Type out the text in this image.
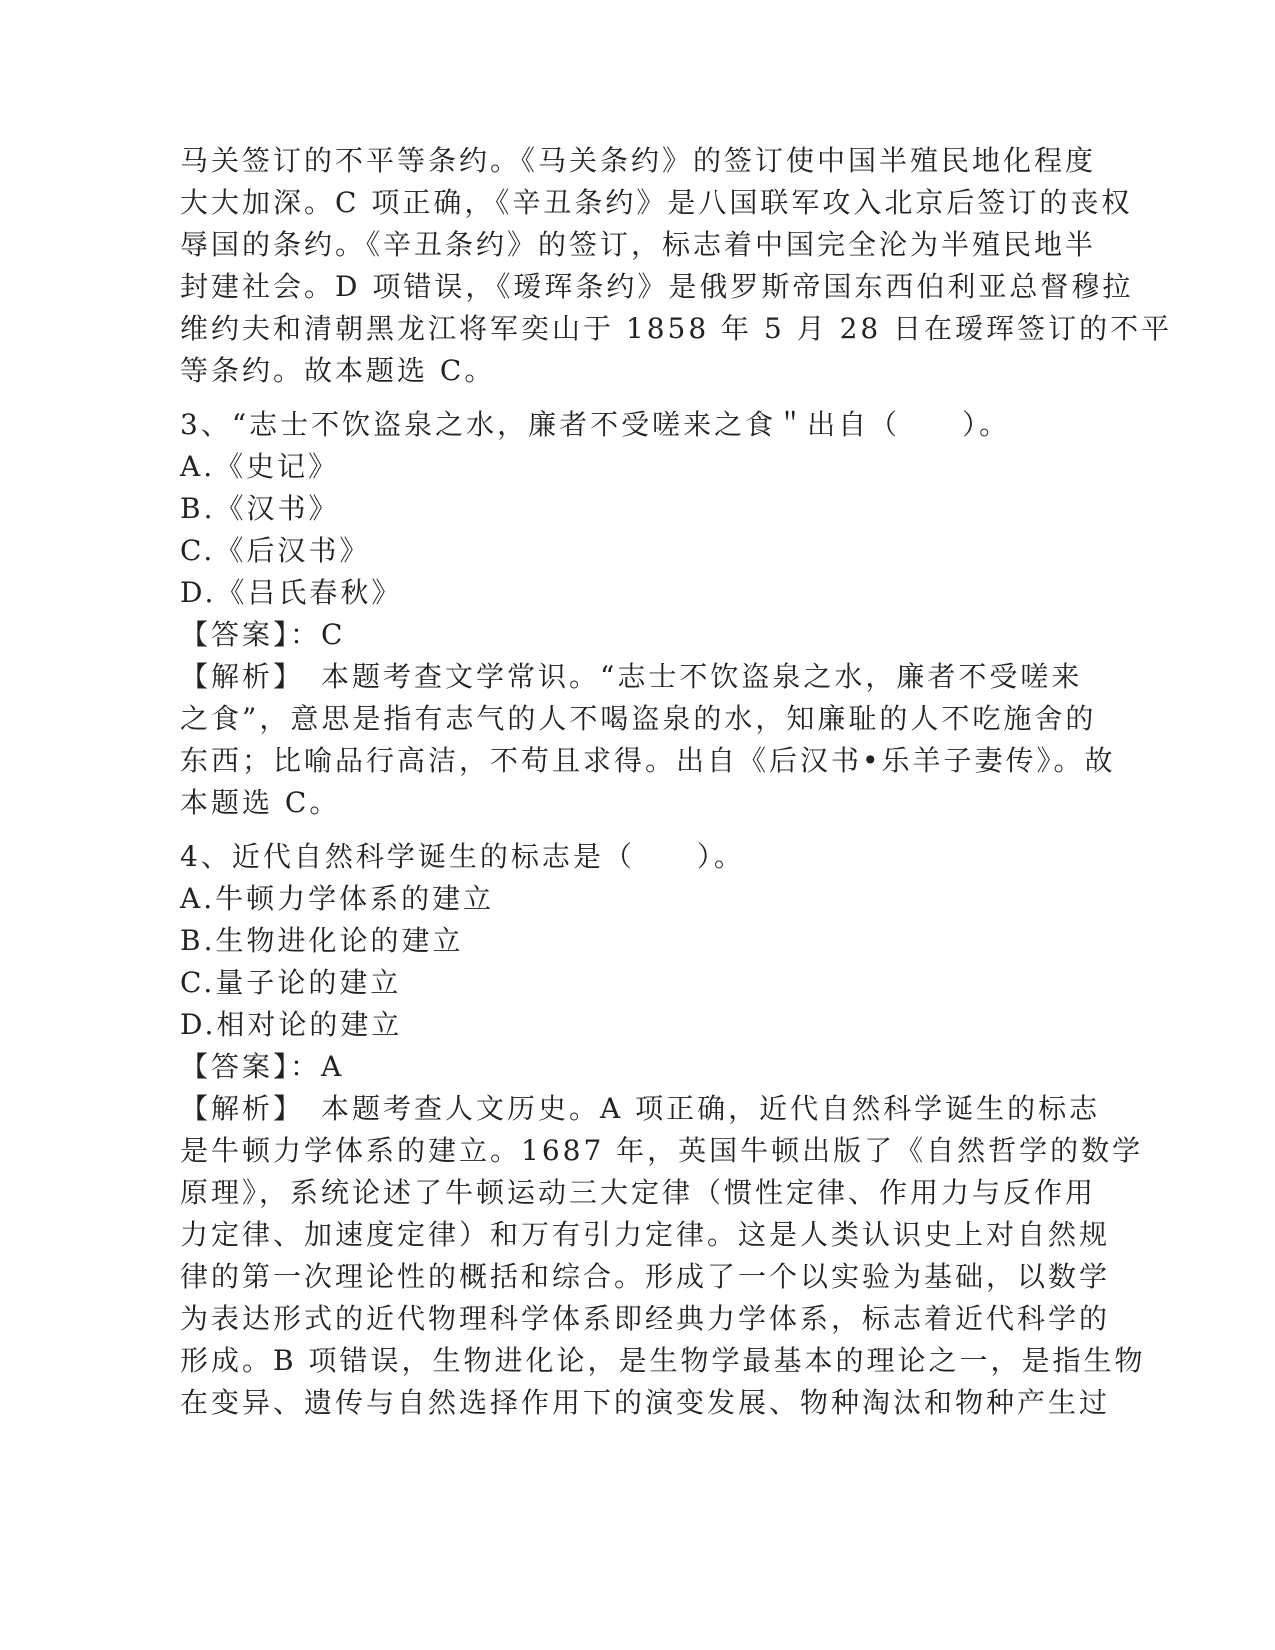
马关签订的不平等条约。《马关条约》的签订使中国半殖民地化程度
大大加深。C 项正确，《辛丑条约》是八国联军攻入北京后签订的丧权
辱国的条约。《辛丑条约》的签订，标志着中国完全沦为半殖民地半
封建社会。D 项错误，《瑷珲条约》是俄罗斯帝国东西伯利亚总督穆拉
维约夫和清朝黑龙江将军奕山于 1858 年 5 月 28 日在瑷珲签订的不平
等条约。故本题选 C。
3、“志士不饮盗泉之水，廉者不受嗟来之食＂出自（　　）。
A.《史记》
B.《汉书》
C.《后汉书》
D.《吕氏春秋》
【答案】：C
【解析】　本题考查文学常识。“志士不饮盗泉之水，廉者不受嗟来
之食”，意思是指有志气的人不喝盗泉的水，知廉耻的人不吃施舍的
东西；比喻品行高洁，不苟且求得。出自《后汉书•乐羊子妻传》。故
本题选 C。
4、近代自然科学诞生的标志是（　　）。
A.牛顿力学体系的建立
B.生物进化论的建立
C.量子论的建立
D.相对论的建立
【答案】：A
【解析】　本题考查人文历史。A 项正确，近代自然科学诞生的标志
是牛顿力学体系的建立。1687 年，英国牛顿出版了《自然哲学的数学
原理》，系统论述了牛顿运动三大定律（惯性定律、作用力与反作用
力定律、加速度定律）和万有引力定律。这是人类认识史上对自然规
律的第一次理论性的概括和综合。形成了一个以实验为基础，以数学
为表达形式的近代物理科学体系即经典力学体系，标志着近代科学的
形成。B 项错误，生物进化论，是生物学最基本的理论之一，是指生物
在变异、遗传与自然选择作用下的演变发展、物种淘汰和物种产生过
